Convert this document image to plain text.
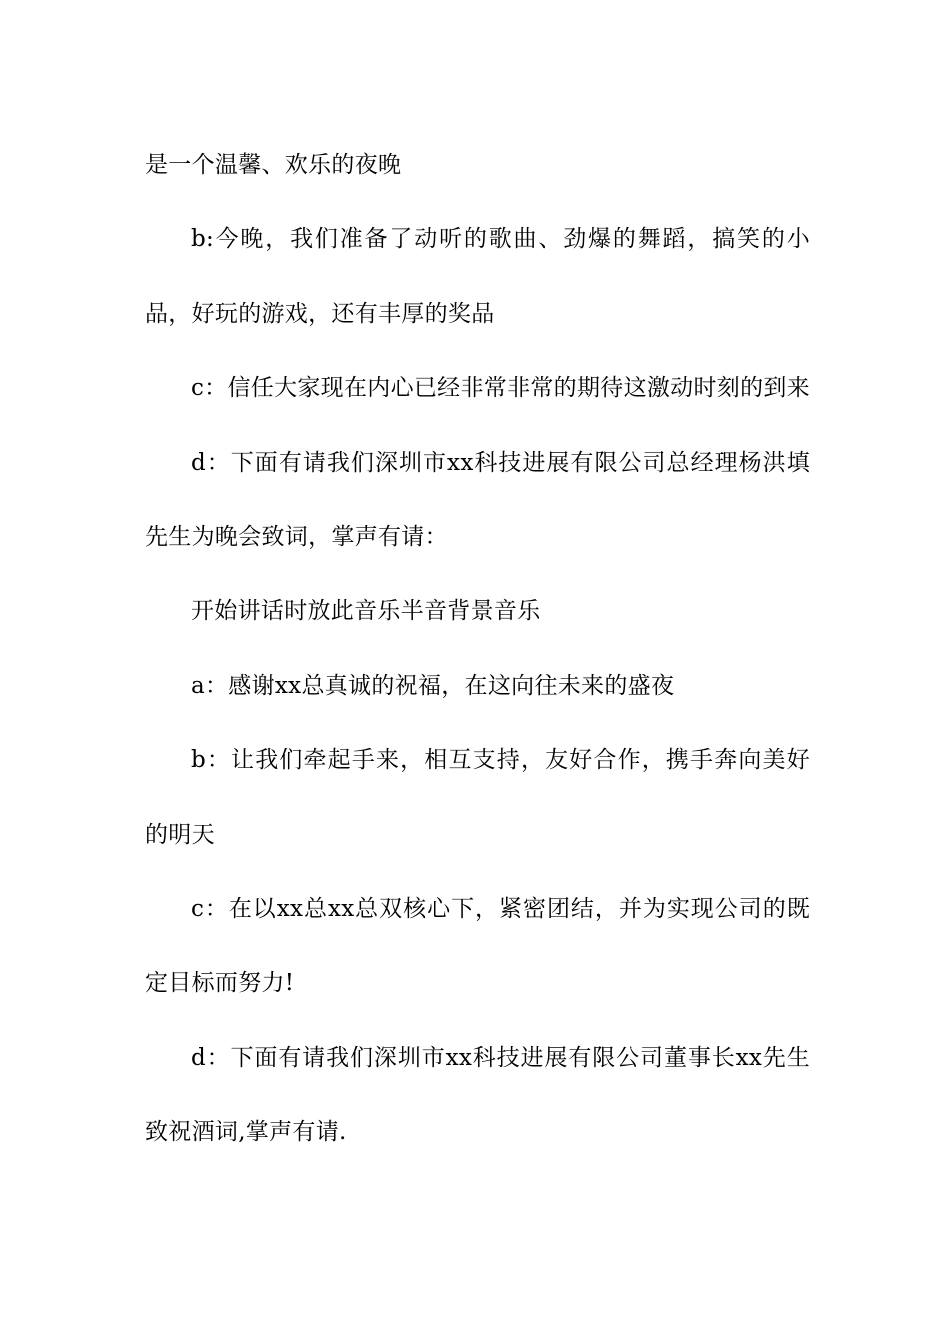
是一个温馨、欢乐的夜晚

b:今晚，我们准备了动听的歌曲、劲爆的舞蹈，搞笑的小品，好玩的游戏，还有丰厚的奖品

c：信任大家现在内心已经非常非常的期待这激动时刻的到来

d：下面有请我们深圳市xx科技进展有限公司总经理杨洪填先生为晚会致词，掌声有请：

开始讲话时放此音乐半音背景音乐

a：感谢xx总真诚的祝福，在这向往未来的盛夜

b：让我们牵起手来，相互支持，友好合作，携手奔向美好的明天

c：在以xx总xx总双核心下，紧密团结，并为实现公司的既定目标而努力!

d：下面有请我们深圳市xx科技进展有限公司董事长xx先生致祝酒词,掌声有请.
